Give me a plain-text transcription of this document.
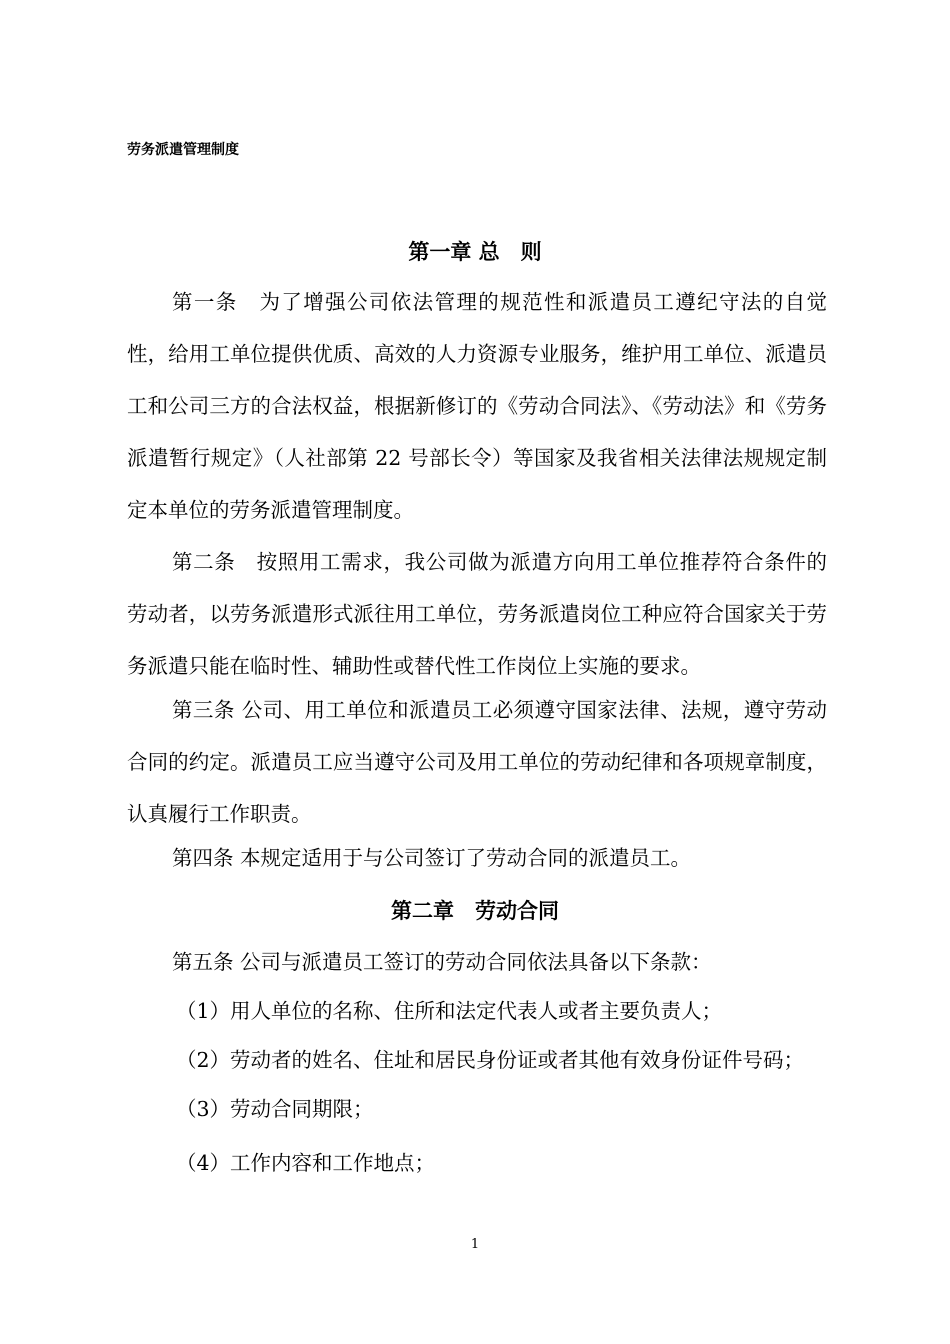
劳务派遣管理制度
第一章 总　则
第一条　为了增强公司依法管理的规范性和派遣员工遵纪守法的自觉性，给用工单位提供优质、高效的人力资源专业服务，维护用工单位、派遣员工和公司三方的合法权益，根据新修订的《劳动合同法》、《劳动法》和《劳务派遣暂行规定》（人社部第 22 号部长令）等国家及我省相关法律法规规定制定本单位的劳务派遣管理制度。
第二条　按照用工需求，我公司做为派遣方向用工单位推荐符合条件的劳动者，以劳务派遣形式派往用工单位，劳务派遣岗位工种应符合国家关于劳务派遣只能在临时性、辅助性或替代性工作岗位上实施的要求。
第三条 公司、用工单位和派遣员工必须遵守国家法律、法规，遵守劳动合同的约定。派遣员工应当遵守公司及用工单位的劳动纪律和各项规章制度，认真履行工作职责。
第四条 本规定适用于与公司签订了劳动合同的派遣员工。
第二章　劳动合同
第五条 公司与派遣员工签订的劳动合同依法具备以下条款：
（1）用人单位的名称、住所和法定代表人或者主要负责人；
（2）劳动者的姓名、住址和居民身份证或者其他有效身份证件号码；
（3）劳动合同期限；
（4）工作内容和工作地点；
1
